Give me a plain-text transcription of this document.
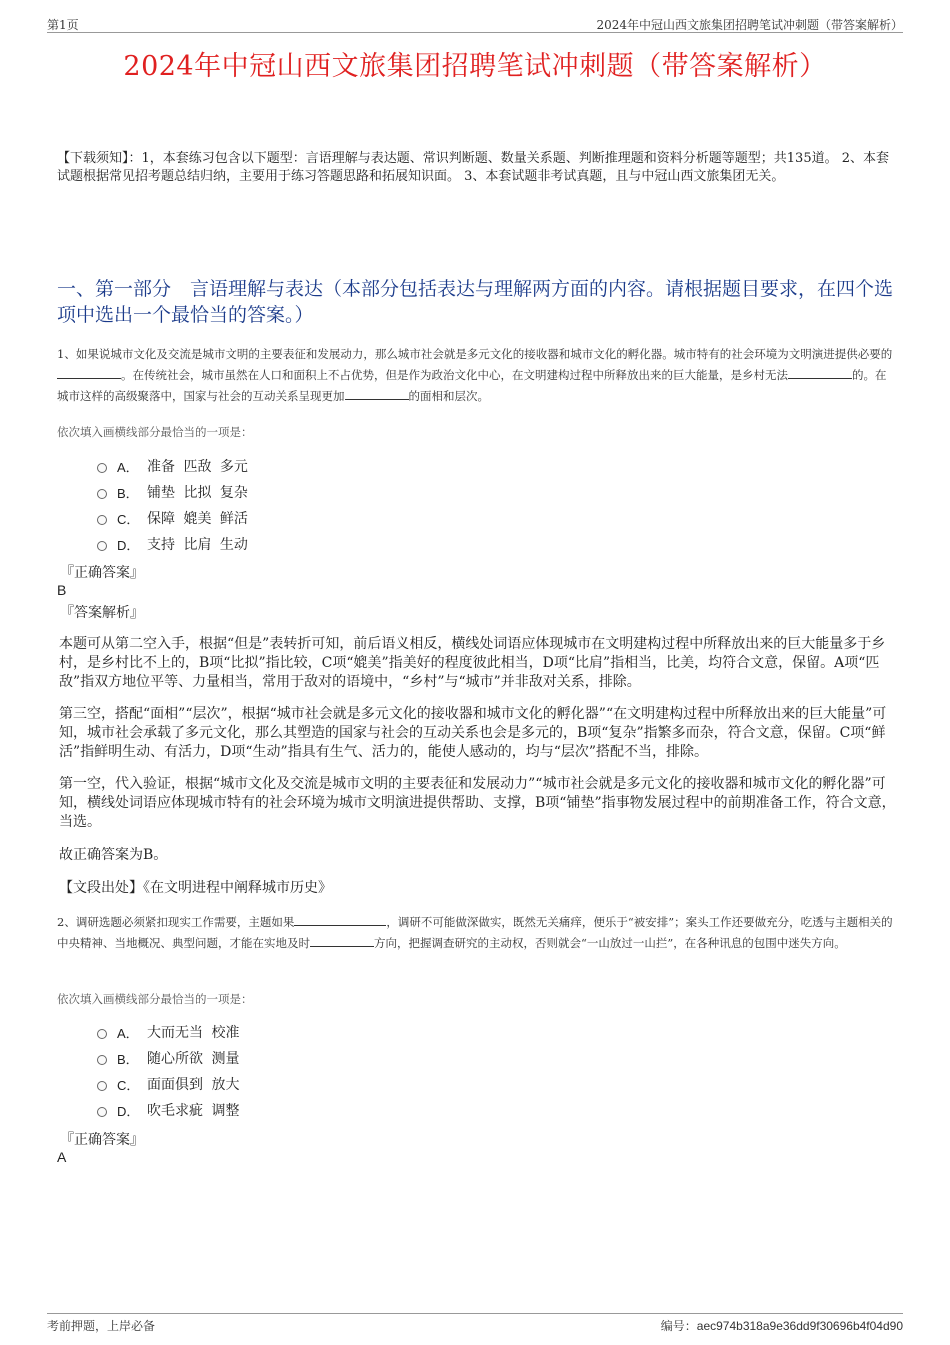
第1页	2024年中冠山西文旅集团招聘笔试冲刺题（带答案解析）
2024年中冠山西文旅集团招聘笔试冲刺题（带答案解析）
【下载须知】：1，本套练习包含以下题型：言语理解与表达题、常识判断题、数量关系题、判断推理题和资料分析题等题型；共135道。 2、本套试题根据常见招考题总结归纳，主要用于练习答题思路和拓展知识面。 3、本套试题非考试真题，且与中冠山西文旅集团无关。
一、第一部分　言语理解与表达（本部分包括表达与理解两方面的内容。请根据题目要求，在四个选项中选出一个最恰当的答案。）
1、如果说城市文化及交流是城市文明的主要表征和发展动力，那么城市社会就是多元文化的接收器和城市文化的孵化器。城市特有的社会环境为文明演进提供必要的。在传统社会，城市虽然在人口和面积上不占优势，但是作为政治文化中心，在文明建构过程中所释放出来的巨大能量，是乡村无法	的。在城市这样的高级聚落中，国家与社会的互动关系呈现更加	的面相和层次。
依次填入画横线部分最恰当的一项是：
A． 准备 匹敌 多元
B． 铺垫 比拟 复杂
C． 保障 媲美 鲜活
D． 支持 比肩 生动
『正确答案』
B
『答案解析』
本题可从第二空入手，根据“但是”表转折可知，前后语义相反，横线处词语应体现城市在文明建构过程中所释放出来的巨大能量多于乡村，是乡村比不上的，B项“比拟”指比较，C项“媲美”指美好的程度彼此相当，D项“比肩”指相当，比美，均符合文意，保留。A项“匹敌”指双方地位平等、力量相当，常用于敌对的语境中，“乡村”与“城市”并非敌对关系，排除。
第三空，搭配“面相”“层次”，根据“城市社会就是多元文化的接收器和城市文化的孵化器”“在文明建构过程中所释放出来的巨大能量”可知，城市社会承载了多元文化，那么其塑造的国家与社会的互动关系也会是多元的，B项“复杂”指繁多而杂，符合文意，保留。C项“鲜活”指鲜明生动、有活力，D项“生动”指具有生气、活力的，能使人感动的，均与“层次”搭配不当，排除。
第一空，代入验证，根据“城市文化及交流是城市文明的主要表征和发展动力”“城市社会就是多元文化的接收器和城市文化的孵化器”可知，横线处词语应体现城市特有的社会环境为城市文明演进提供帮助、支撑，B项“铺垫”指事物发展过程中的前期准备工作，符合文意，当选。
故正确答案为B。
【文段出处】《在文明进程中阐释城市历史》
2、调研选题必须紧扣现实工作需要，主题如果	，调研不可能做深做实，既然无关痛痒，便乐于“被安排”；案头工作还要做充分，吃透与主题相关的中央精神、当地概况、典型问题，才能在实地及时	方向，把握调查研究的主动权，否则就会“一山放过一山拦”，在各种讯息的包围中迷失方向。
依次填入画横线部分最恰当的一项是：
A． 大而无当 校准
B． 随心所欲 测量
C． 面面俱到 放大
D． 吹毛求疵 调整
『正确答案』
A
考前押题，上岸必备	编号：aec974b318a9e36dd9f30696b4f04d90
